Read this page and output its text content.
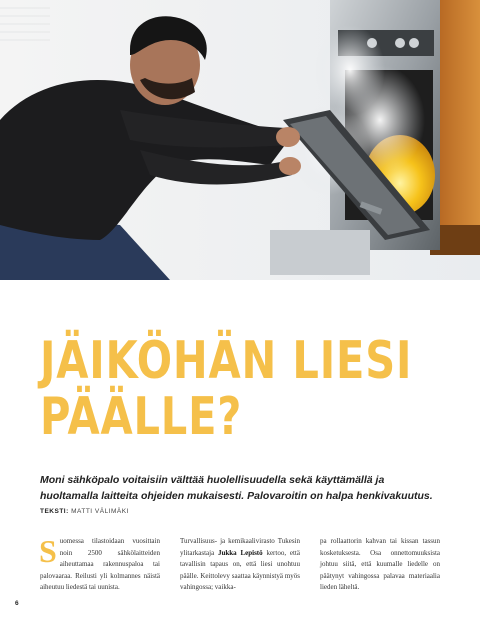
JÄIKÖHÄN LIESI
PÄÄLLE?

Moni sähköpalo voitaisiin välttää huolellisuudella sekä käyttämällä ja huoltamalla laitteita ohjeiden mukaisesti. Palovaroitin on halpa henkivakuutus.

TEKSTI: MATTI VÄLIMÄKI
Suomessa tilastoidaan vuosittain noin 2500 sähkölaitteiden aiheuttamaa rakennuspaloa tai palovaaraa. Reilusti yli kolmannes näistä aiheutuu liedestä tai uunista.
Turvallisuus- ja kemikaalivirasto Tukesin ylitarkastaja Jukka Lepistö kertoo, että tavallisin tapaus on, että liesi unohtuu päälle. Keittolevy saattaa käynnistyä myös vahingossa; vaikka-
pa rollaattorin kahvan tai kissan tassun kosketuksesta. Osa onnettomuuksista johtuu siitä, että kuumalle liedelle on päätynyt vahingossa palavaa materiaalia lieden läheltä.
6
